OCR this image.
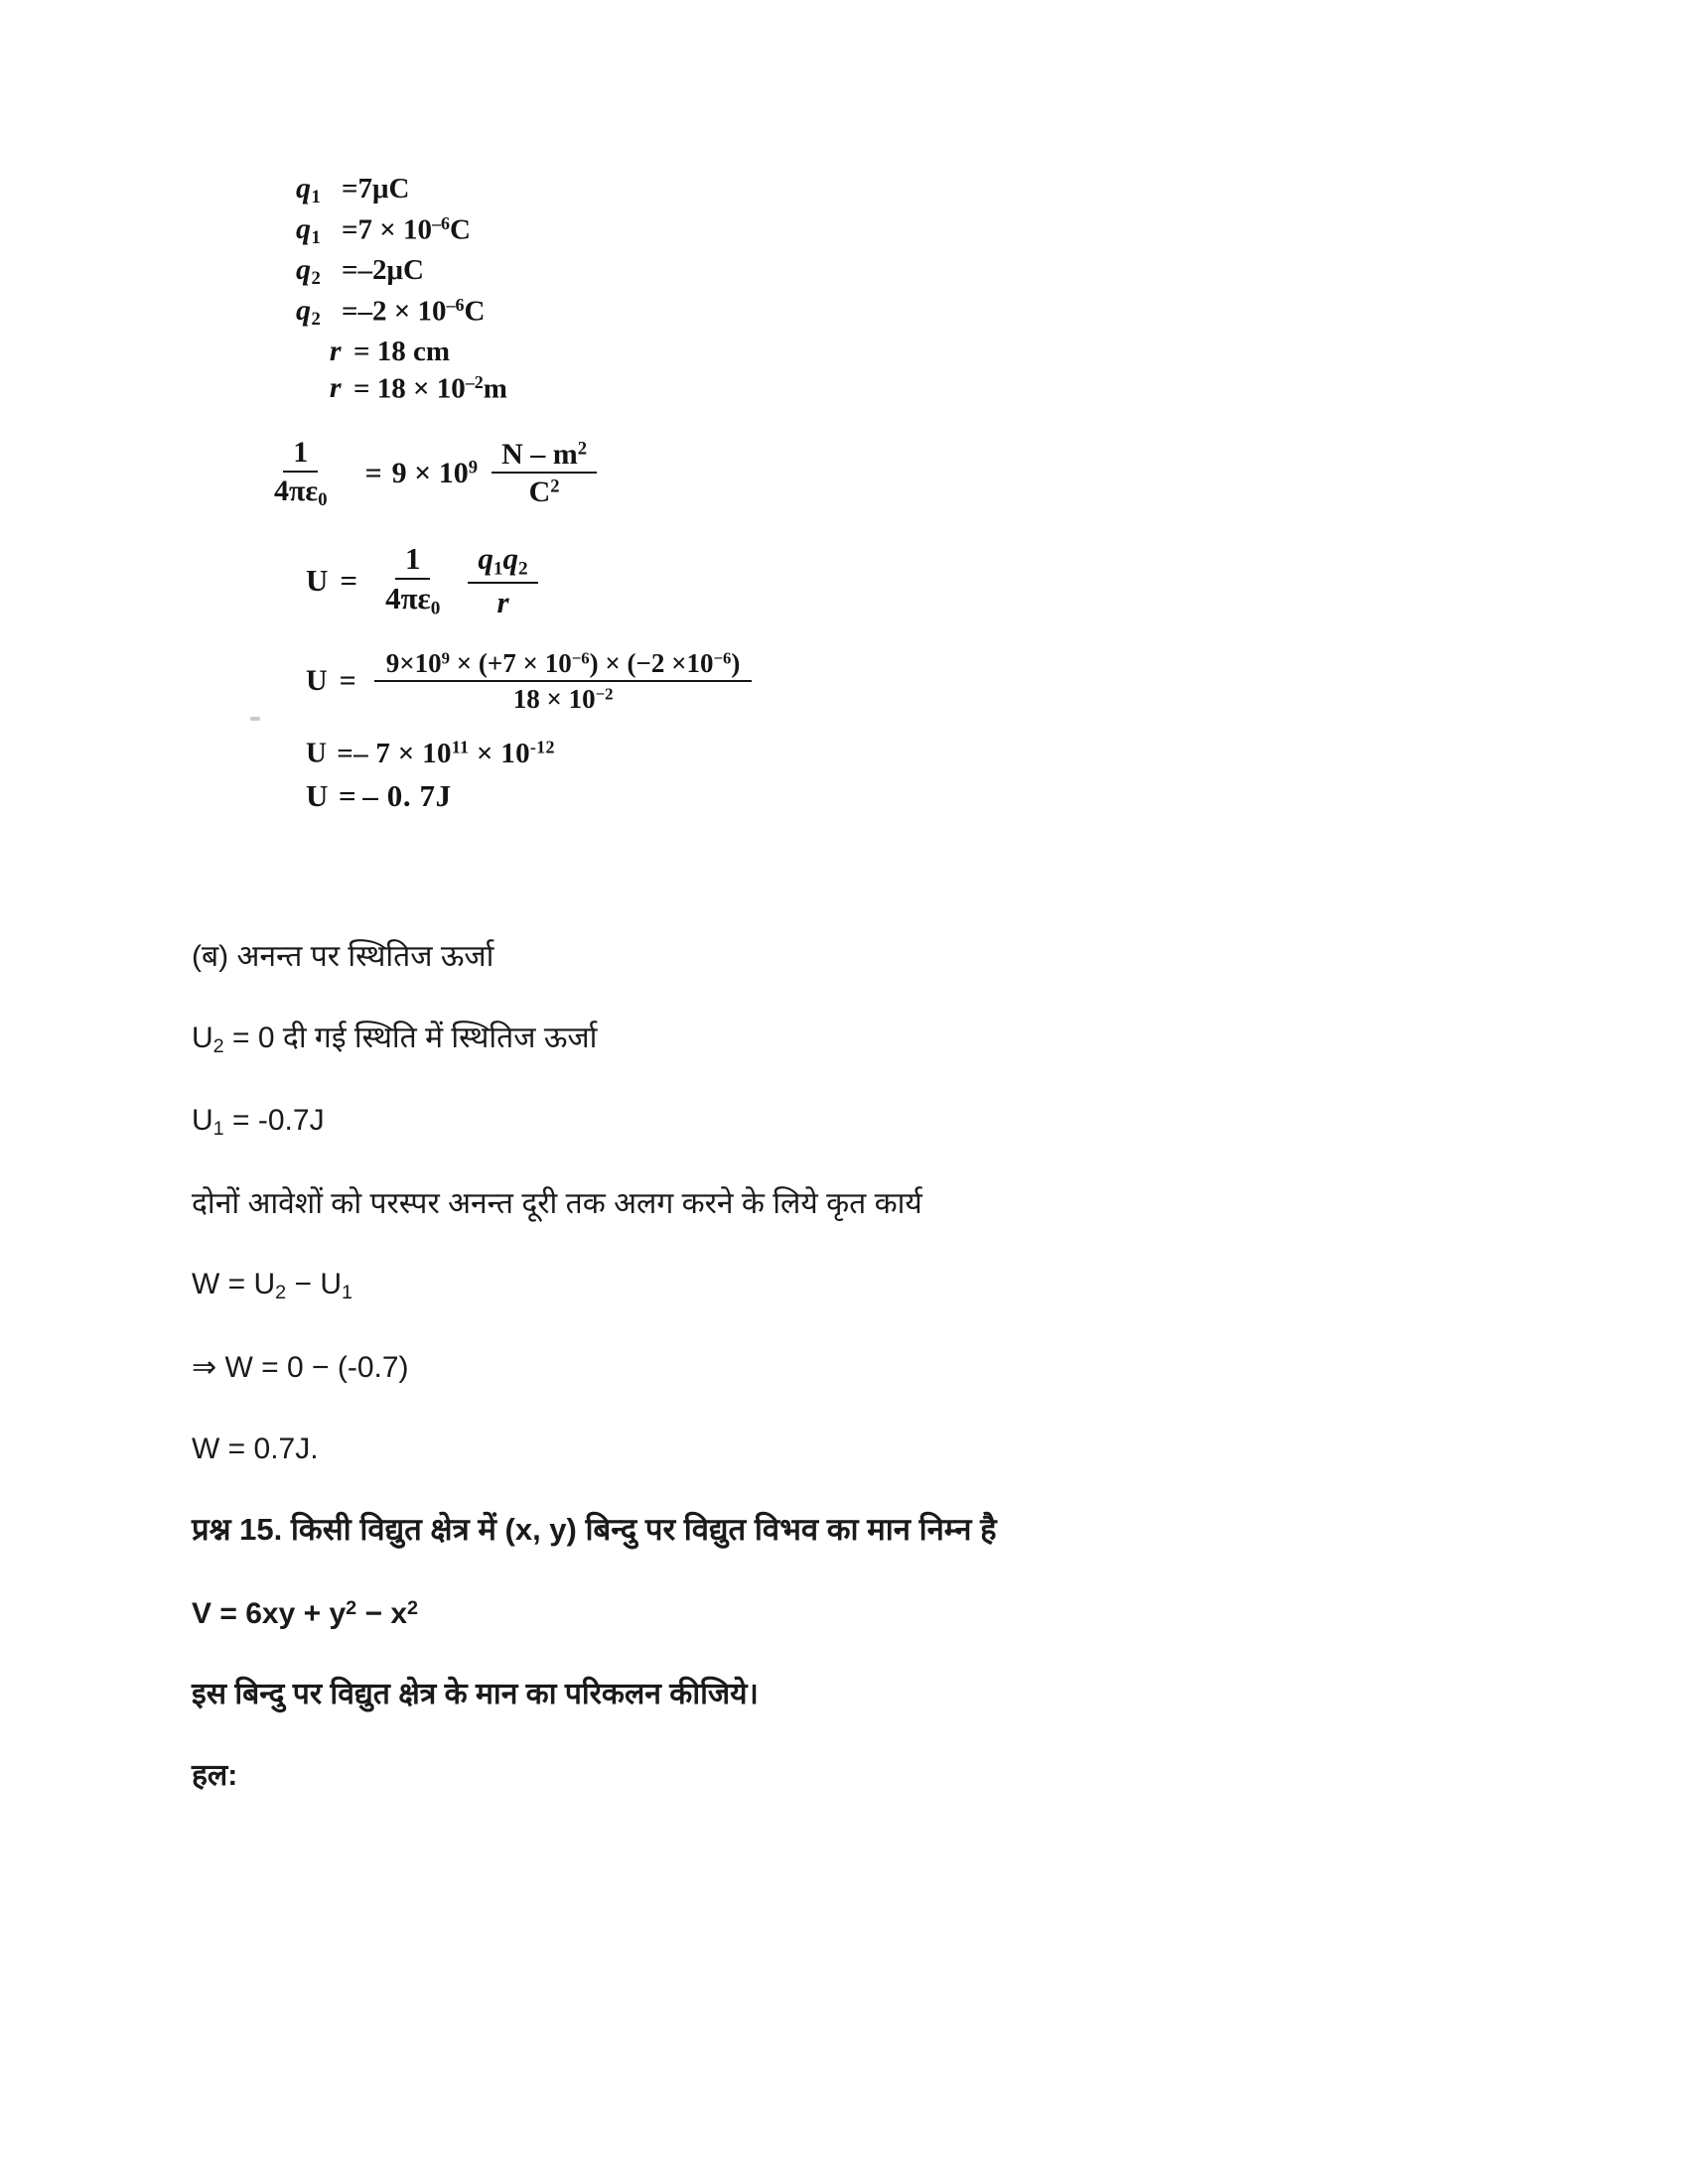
$q_1 =7\mu C$
$q_1 =7 \times 10^{-6}C$
$q_2 =-2\mu C$
$q_2 =-2 \times 10^{-6}C$
r = 18 cm
$r = 18 \times 10^{-2}m$
$\frac{1}{4\pi\varepsilon_0} = 9 \times 10^9 \frac{N - m^2}{C^2}$
$U = \frac{1}{4\pi\varepsilon_0} \frac{q_1q_2}{r}$
$U = \frac{9\times 10^9 \times (+7 \times 10^{-6}) \times (-2 \times 10^{-6})}{18 \times 10^{-2}}$
$U =- 7 \times 10^{11} \times 10^{-12}$
U = – 0. 7J

(ब) अनन्त पर स्थितिज ऊर्जा

$U_2 = 0$ दी गई स्थिति में स्थितिज ऊर्जा

$U_1 = -0.7J$

दोनों आवेशों को परस्पर अनन्त दूरी तक अलग करने के लिये कृत कार्य

$W = U_2 - U_1$

⇒ W = 0 − (-0.7)

W = 0.7J.

प्रश्न 15. किसी विद्युत क्षेत्र में (x, y) बिन्दु पर विद्युत विभव का मान निम्न है

$V = 6xy + y^2 - x^2$

इस बिन्दु पर विद्युत क्षेत्र के मान का परिकलन कीजिये।

हल:
